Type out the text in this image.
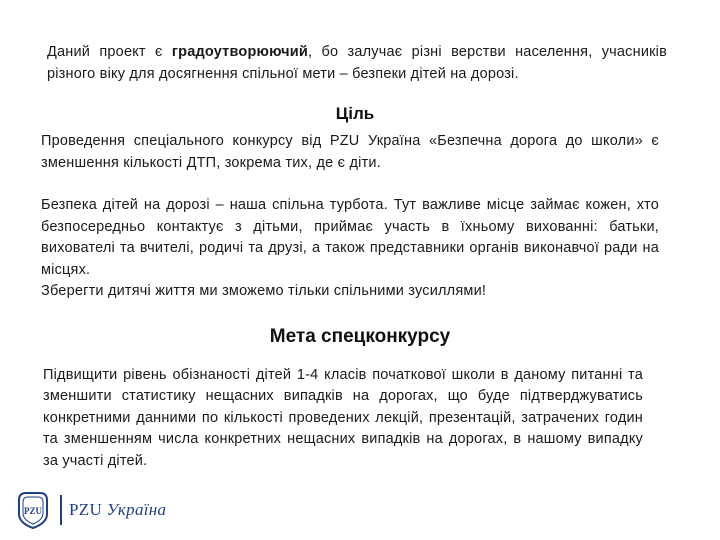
Даний проект є градоутворюючий, бо залучає різні верстви населення, учасників різного віку для досягнення спільної мети – безпеки дітей на дорозі.

Ціль

Проведення спеціального конкурсу від PZU Україна «Безпечна дорога до школи» є зменшення кількості ДТП, зокрема тих, де є діти.

Безпека дітей на дорозі – наша спільна турбота. Тут важливе місце займає кожен, хто безпосередньо контактує з дітьми, приймає участь в їхньому вихованні: батьки, вихователі та вчителі, родичі та друзі, а також представники органів виконавчої ради на місцях.
Зберегти дитячі життя ми зможемо тільки спільними зусиллями!
Мета спецконкурсу

Підвищити рівень обізнаності дітей 1-4 класів початкової школи в даному питанні та зменшити статистику нещасних випадків на дорогах, що буде підтверджуватись конкретними данними по кількості проведених лекцій, презентацій, затрачених годин та зменшенням числа конкретних нещасних випадків на дорогах, в нашому випадку за участі дітей.

PZU PZU Україна
